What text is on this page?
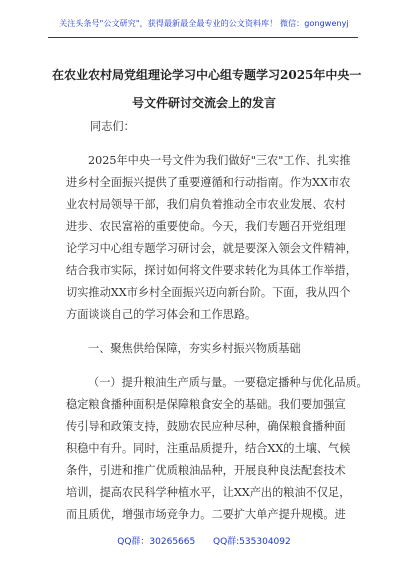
关注头条号"公文研究"，获得最新最全最专业的公文资料库！ 微信：gongwenyj
在农业农村局党组理论学习中心组专题学习2025年中央一
号文件研讨交流会上的发言
同志们：
2025年中央一号文件为我们做好"三农"工作、扎实推
进乡村全面振兴提供了重要遵循和行动指南。作为XX市农
业农村局领导干部，我们肩负着推动全市农业发展、农村
进步、农民富裕的重要使命。今天，我们专题召开党组理
论学习中心组专题学习研讨会，就是要深入领会文件精神，
结合我市实际，探讨如何将文件要求转化为具体工作举措，
切实推动XX市乡村全面振兴迈向新台阶。下面，我从四个
方面谈谈自己的学习体会和工作思路。
一、聚焦供给保障，夯实乡村振兴物质基础
（一）提升粮油生产质与量。一要稳定播种与优化品质。
稳定粮食播种面积是保障粮食安全的基础。我们要加强宣
传引导和政策支持，鼓励农民应种尽种，确保粮食播种面
积稳中有升。同时，注重品质提升，结合XX的土壤、气候
条件，引进和推广优质粮油品种，开展良种良法配套技术
培训，提高农民科学种植水平，让XX产出的粮油不仅足，
而且质优，增强市场竞争力。二要扩大单产提升规模。进
QQ群：30265665 QQ群:535304092
